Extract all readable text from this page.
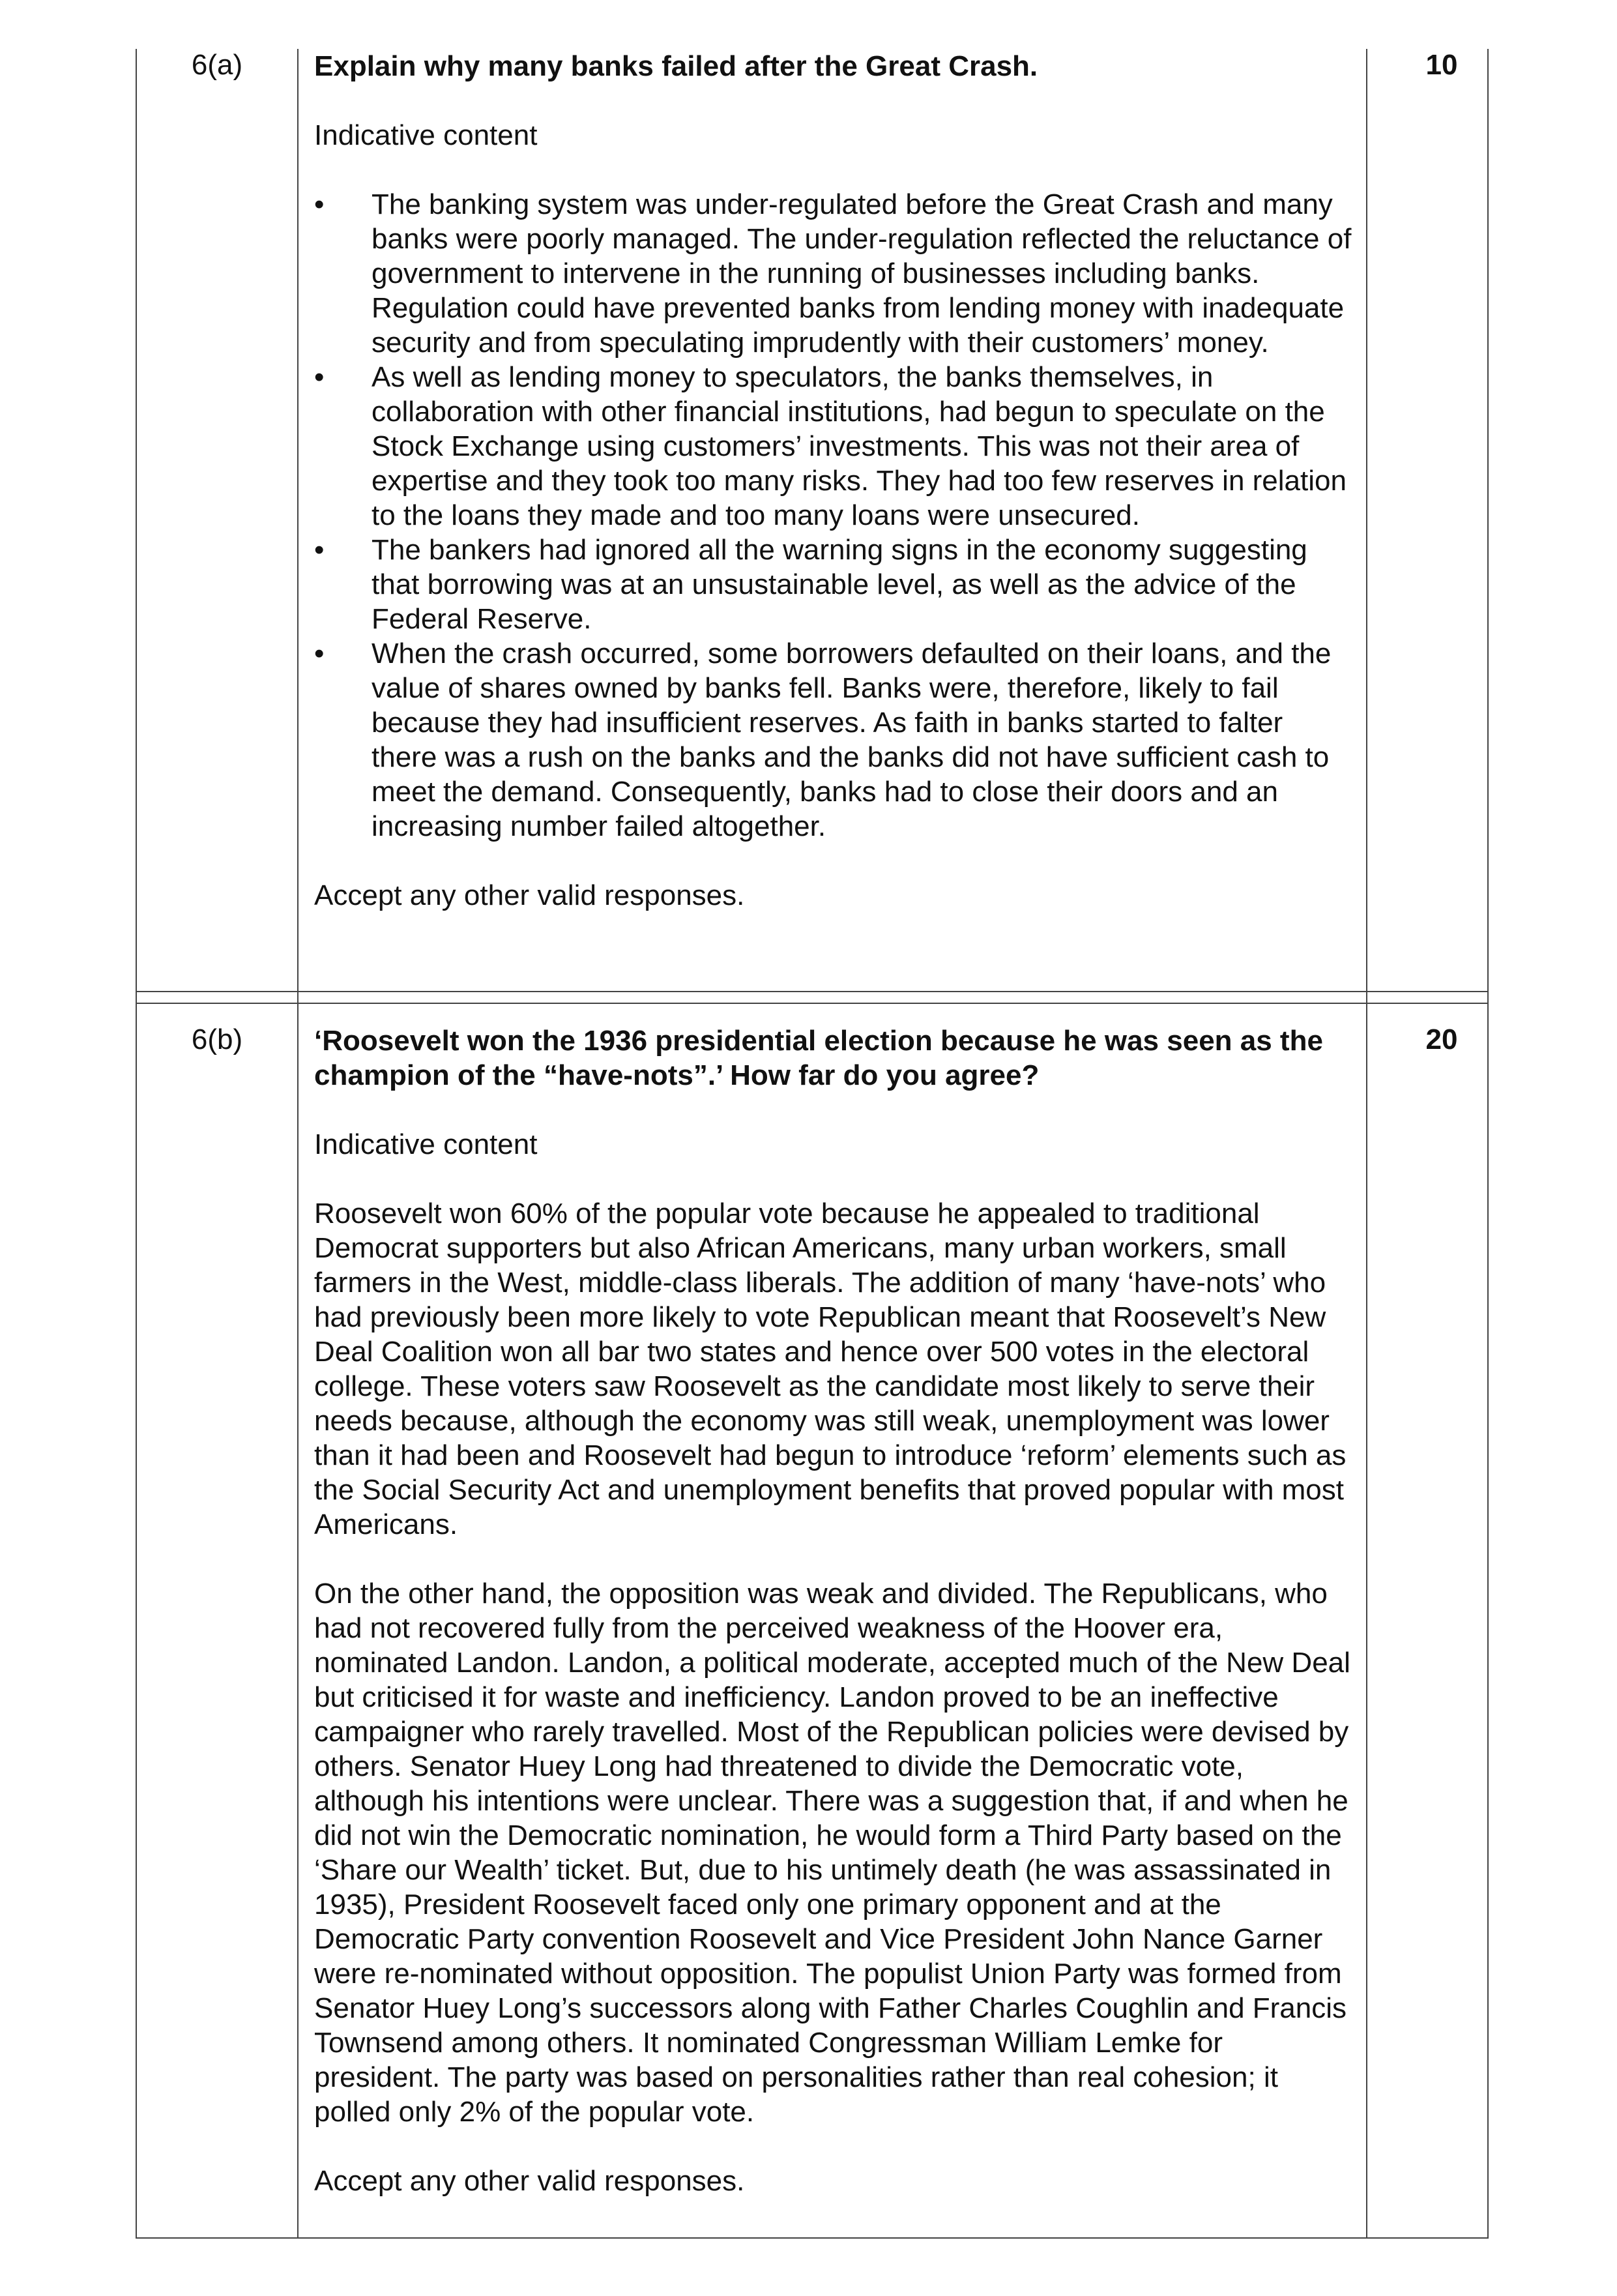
6(a)	Explain why many banks failed after the Great Crash.
Indicative content
• The banking system was under-regulated before the Great Crash and many banks were poorly managed. The under-regulation reflected the reluctance of government to intervene in the running of businesses including banks. Regulation could have prevented banks from lending money with inadequate security and from speculating imprudently with their customers’ money.
• As well as lending money to speculators, the banks themselves, in collaboration with other financial institutions, had begun to speculate on the Stock Exchange using customers’ investments. This was not their area of expertise and they took too many risks. They had too few reserves in relation to the loans they made and too many loans were unsecured.
• The bankers had ignored all the warning signs in the economy suggesting that borrowing was at an unsustainable level, as well as the advice of the Federal Reserve.
• When the crash occurred, some borrowers defaulted on their loans, and the value of shares owned by banks fell. Banks were, therefore, likely to fail because they had insufficient reserves. As faith in banks started to falter there was a rush on the banks and the banks did not have sufficient cash to meet the demand. Consequently, banks had to close their doors and an increasing number failed altogether.
Accept any other valid responses.
10
6(b)	‘Roosevelt won the 1936 presidential election because he was seen as the champion of the “have-nots”.’ How far do you agree?
Indicative content

Roosevelt won 60% of the popular vote because he appealed to traditional Democrat supporters but also African Americans, many urban workers, small farmers in the West, middle-class liberals. The addition of many ‘have-nots’ who had previously been more likely to vote Republican meant that Roosevelt’s New Deal Coalition won all bar two states and hence over 500 votes in the electoral college. These voters saw Roosevelt as the candidate most likely to serve their needs because, although the economy was still weak, unemployment was lower than it had been and Roosevelt had begun to introduce ‘reform’ elements such as the Social Security Act and unemployment benefits that proved popular with most Americans.

On the other hand, the opposition was weak and divided. The Republicans, who had not recovered fully from the perceived weakness of the Hoover era, nominated Landon. Landon, a political moderate, accepted much of the New Deal but criticised it for waste and inefficiency. Landon proved to be an ineffective campaigner who rarely travelled. Most of the Republican policies were devised by others. Senator Huey Long had threatened to divide the Democratic vote, although his intentions were unclear. There was a suggestion that, if and when he did not win the Democratic nomination, he would form a Third Party based on the ‘Share our Wealth’ ticket. But, due to his untimely death (he was assassinated in 1935), President Roosevelt faced only one primary opponent and at the Democratic Party convention Roosevelt and Vice President John Nance Garner were re-nominated without opposition. The populist Union Party was formed from Senator Huey Long’s successors along with Father Charles Coughlin and Francis Townsend among others. It nominated Congressman William Lemke for president. The party was based on personalities rather than real cohesion; it polled only 2% of the popular vote.

Accept any other valid responses.
20
